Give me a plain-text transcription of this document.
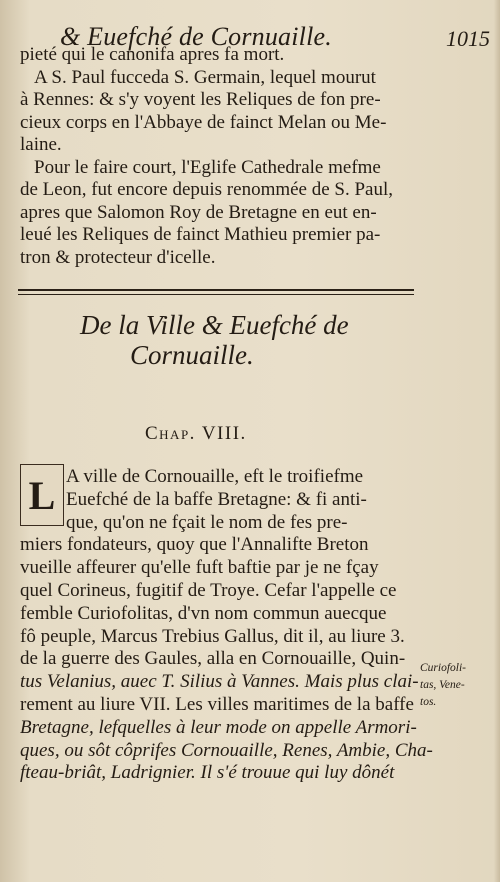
& Euefché de Cornuaille.	1015
pieté qui le canonifa apres fa mort.
A S. Paul fucceda S. Germain, lequel mourut
à Rennes: & s'y voyent les Reliques de fon pre-
cieux corps en l'Abbaye de fainct Melan ou Me-
laine.
Pour le faire court, l'Eglife Cathedrale mefme
de Leon, fut encore depuis renommée de S. Paul,
apres que Salomon Roy de Bretagne en eut en-
leué les Reliques de fainct Mathieu premier pa-
tron & protecteur d'icelle.
De la Ville & Euefché de
Cornuaille.
Chap. VIII.
L A ville de Cornouaille, eft le troifiefme
Euefché de la baffe Bretagne: & fi anti-
que, qu'on ne fçait le nom de fes pre-
miers fondateurs, quoy que l'Annalifte Breton
vueille affeurer qu'elle fuft baftie par je ne fçay
quel Corineus, fugitif de Troye. Cefar l'appelle ce
femble Curiofolitas, d'vn nom commun auecque
fô peuple, Marcus Trebius Gallus, dit il, au liure 3.
de la guerre des Gaules, alla en Cornouaille, Quin-
tus Velanius, auec T. Silius à Vannes. Mais plus clai-
rement au liure VII. Les villes maritimes de la baffe
Bretagne, lefquelles à leur mode on appelle Armori-
ques, ou sôt côprifes Cornouaille, Renes, Ambie, Cha-
fteau-briât, Ladrignier. Il s'é trouue qui luy dônét
Curiofoli-
tas, Vene-
tos.
